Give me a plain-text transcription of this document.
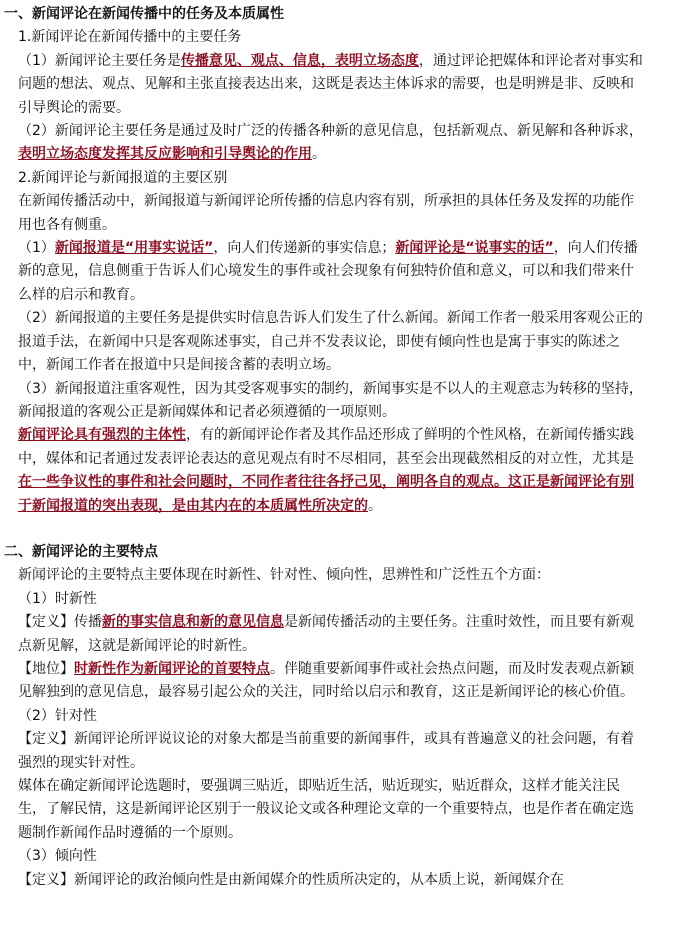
一、新闻评论在新闻传播中的任务及本质属性
1.新闻评论在新闻传播中的主要任务
（1）新闻评论主要任务是传播意见、观点、信息，表明立场态度，通过评论把媒体和评论者对事实和问题的想法、观点、见解和主张直接表达出来，这既是表达主体诉求的需要，也是明辨是非、反映和引导舆论的需要。
（2）新闻评论主要任务是通过及时广泛的传播各种新的意见信息，包括新观点、新见解和各种诉求，表明立场态度发挥其反应影响和引导舆论的作用。
2.新闻评论与新闻报道的主要区别
在新闻传播活动中，新闻报道与新闻评论所传播的信息内容有别，所承担的具体任务及发挥的功能作用也各有侧重。
（1）新闻报道是“用事实说话”，向人们传递新的事实信息；新闻评论是“说事实的话”，向人们传播新的意见，信息侧重于告诉人们心境发生的事件或社会现象有何独特价值和意义，可以和我们带来什么样的启示和教育。
（2）新闻报道的主要任务是提供实时信息告诉人们发生了什么新闻。新闻工作者一般采用客观公正的报道手法，在新闻中只是客观陈述事实，自己并不发表议论，即使有倾向性也是寓于事实的陈述之中，新闻工作者在报道中只是间接含蓄的表明立场。
（3）新闻报道注重客观性，因为其受客观事实的制约，新闻事实是不以人的主观意志为转移的坚持，新闻报道的客观公正是新闻媒体和记者必须遵循的一项原则。
新闻评论具有强烈的主体性，有的新闻评论作者及其作品还形成了鲜明的个性风格，在新闻传播实践中，媒体和记者通过发表评论表达的意见观点有时不尽相同，甚至会出现截然相反的对立性，尤其是在一些争议性的事件和社会问题时，不同作者往往各抒己见，阐明各自的观点。这正是新闻评论有别于新闻报道的突出表现，是由其内在的本质属性所决定的。
二、新闻评论的主要特点
新闻评论的主要特点主要体现在时新性、针对性、倾向性，思辨性和广泛性五个方面：
（1）时新性
【定义】传播新的事实信息和新的意见信息是新闻传播活动的主要任务。注重时效性，而且要有新观点新见解，这就是新闻评论的时新性。
【地位】时新性作为新闻评论的首要特点。伴随重要新闻事件或社会热点问题，而及时发表观点新颖见解独到的意见信息，最容易引起公众的关注，同时给以启示和教育，这正是新闻评论的核心价值。
（2）针对性
【定义】新闻评论所评说议论的对象大都是当前重要的新闻事件，或具有普遍意义的社会问题，有着强烈的现实针对性。
媒体在确定新闻评论选题时，要强调三贴近，即贴近生活，贴近现实，贴近群众，这样才能关注民生，了解民情，这是新闻评论区别于一般议论文或各种理论文章的一个重要特点，也是作者在确定选题制作新闻作品时遵循的一个原则。
（3）倾向性
【定义】新闻评论的政治倾向性是由新闻媒介的性质所决定的，从本质上说，新闻媒介在
